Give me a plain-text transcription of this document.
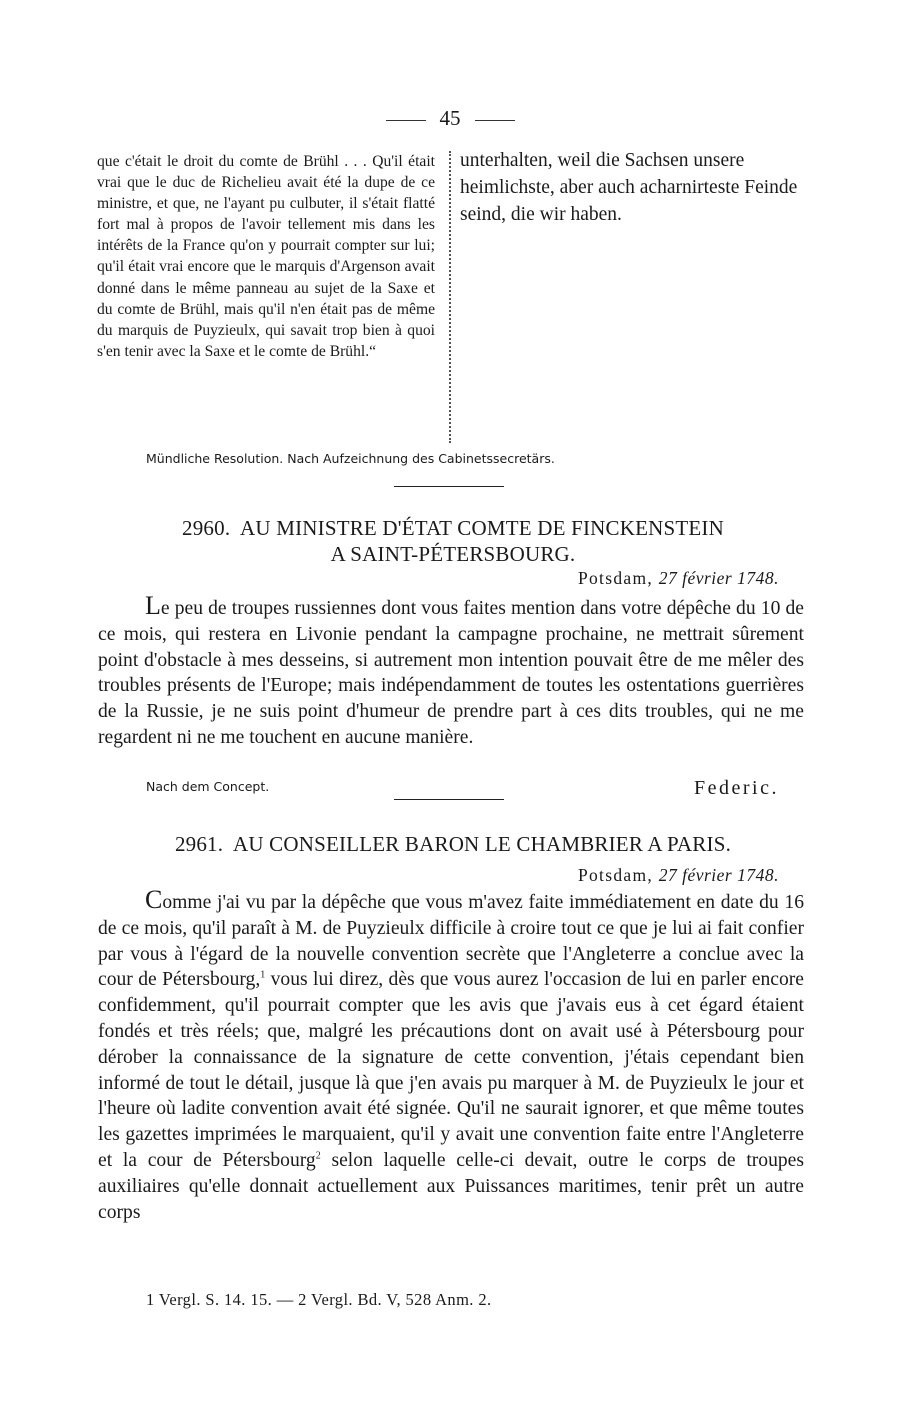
45

que c'était le droit du comte de Brühl . . . Qu'il était vrai que le duc de Richelieu avait été la dupe de ce ministre, et que, ne l'ayant pu culbuter, il s'était flatté fort mal à propos de l'avoir tellement mis dans les intérêts de la France qu'on y pourrait compter sur lui; qu'il était vrai encore que le marquis d'Argenson avait donné dans le même panneau au sujet de la Saxe et du comte de Brühl, mais qu'il n'en était pas de même du marquis de Puyzieulx, qui savait trop bien à quoi s'en tenir avec la Saxe et le comte de Brühl.“

unterhalten, weil die Sachsen unsere heimlichste, aber auch acharnirteste Feinde seind, die wir haben.

Mündliche Resolution. Nach Aufzeichnung des Cabinetssecretärs.
2960. AU MINISTRE D'ÉTAT COMTE DE FINCKENSTEIN
A SAINT-PÉTERSBOURG.
Potsdam, 27 février 1748.

Le peu de troupes russiennes dont vous faites mention dans votre dépêche du 10 de ce mois, qui restera en Livonie pendant la campagne prochaine, ne mettrait sûrement point d'obstacle à mes desseins, si autrement mon intention pouvait être de me mêler des troubles présents de l'Europe; mais indépendamment de toutes les ostentations guerrières de la Russie, je ne suis point d'humeur de prendre part à ces dits troubles, qui ne me regardent ni ne me touchent en aucune manière.

Nach dem Concept.	Federic.
2961. AU CONSEILLER BARON LE CHAMBRIER A PARIS.
Potsdam, 27 février 1748.

Comme j'ai vu par la dépêche que vous m'avez faite immédiatement en date du 16 de ce mois, qu'il paraît à M. de Puyzieulx difficile à croire tout ce que je lui ai fait confier par vous à l'égard de la nouvelle convention secrète que l'Angleterre a conclue avec la cour de Pétersbourg,$^1$ vous lui direz, dès que vous aurez l'occasion de lui en parler encore confidemment, qu'il pourrait compter que les avis que j'avais eus à cet égard étaient fondés et très réels; que, malgré les précautions dont on avait usé à Pétersbourg pour dérober la connaissance de la signature de cette convention, j'étais cependant bien informé de tout le détail, jusque là que j'en avais pu marquer à M. de Puyzieulx le jour et l'heure où ladite convention avait été signée. Qu'il ne saurait ignorer, et que même toutes les gazettes imprimées le marquaient, qu'il y avait une convention faite entre l'Angleterre et la cour de Pétersbourg$^2$ selon laquelle celle-ci devait, outre le corps de troupes auxiliaires qu'elle donnait actuellement aux Puissances maritimes, tenir prêt un autre corps

1 Vergl. S. 14. 15. — 2 Vergl. Bd. V, 528 Anm. 2.
